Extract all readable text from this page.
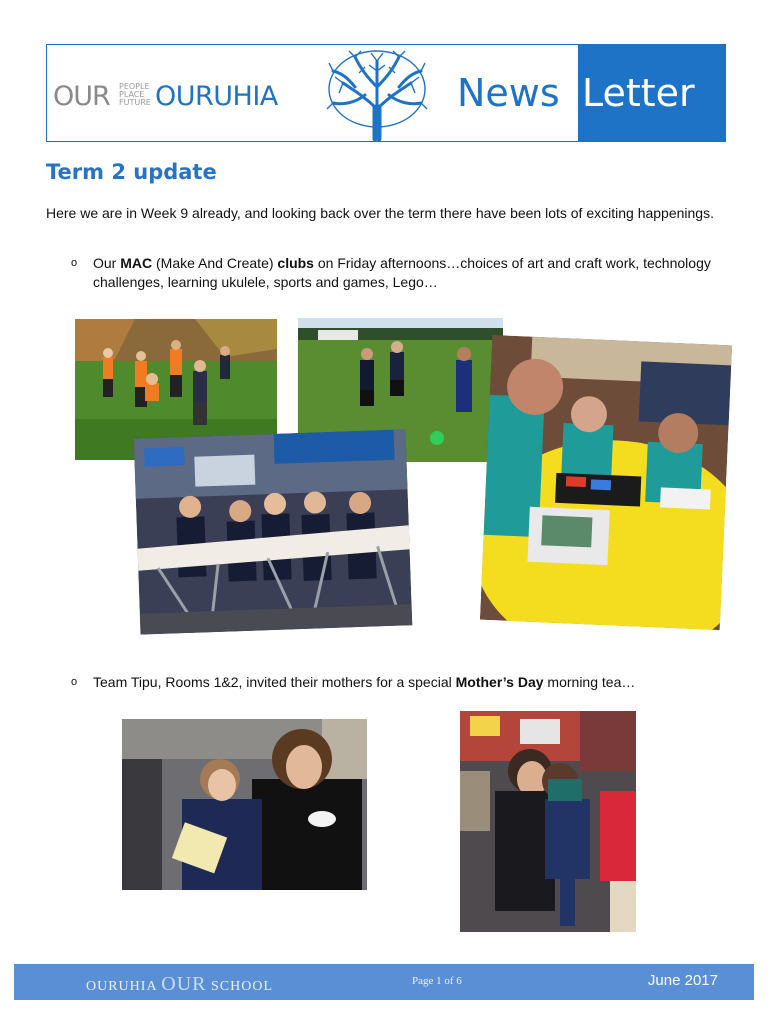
OUR PEOPLE
PLACE
FUTURE OURUHIA	News Letter
Term 2 update
Here we are in Week 9 already, and looking back over the term there have been lots of exciting happenings.
o Our MAC (Make And Create) clubs on Friday afternoons…choices of art and craft work, technology challenges, learning ukulele, sports and games, Lego…
o Team Tipu, Rooms 1&2, invited their mothers for a special Mother’s Day morning tea…
OURUHIA OUR SCHOOL	Page 1 of 6	June 2017
